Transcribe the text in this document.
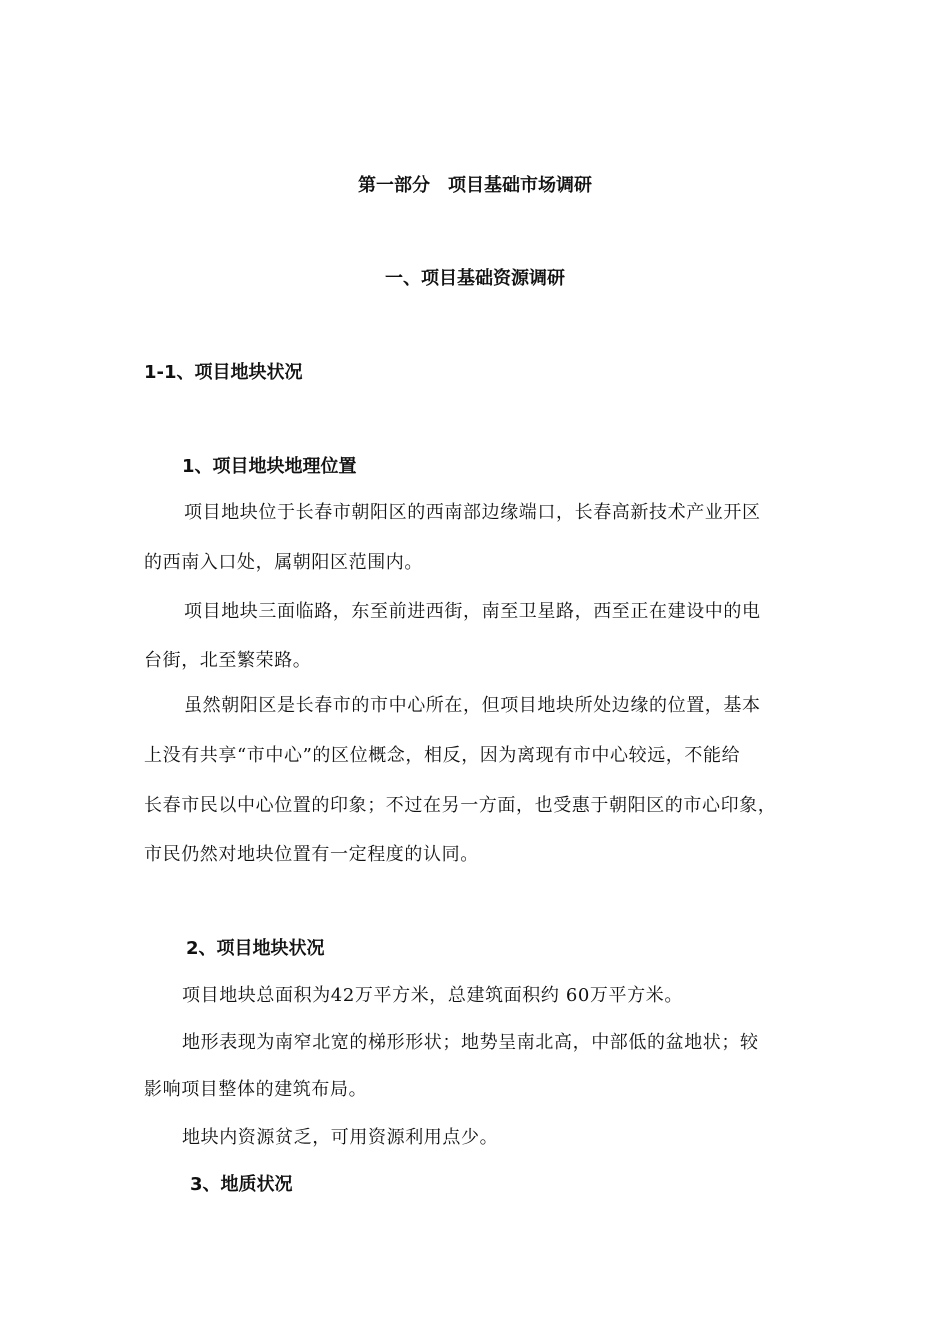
第一部分　项目基础市场调研
一、项目基础资源调研
1-1、项目地块状况
1、项目地块地理位置
项目地块位于长春市朝阳区的西南部边缘端口，长春高新技术产业开区
的西南入口处，属朝阳区范围内。
项目地块三面临路，东至前进西街，南至卫星路，西至正在建设中的电
台街，北至繁荣路。
虽然朝阳区是长春市的市中心所在，但项目地块所处边缘的位置，基本
上没有共享“市中心”的区位概念，相反，因为离现有市中心较远，不能给
长春市民以中心位置的印象；不过在另一方面，也受惠于朝阳区的市心印象，
市民仍然对地块位置有一定程度的认同。
2、项目地块状况
项目地块总面积为42万平方米，总建筑面积约 60万平方米。
地形表现为南窄北宽的梯形形状；地势呈南北高，中部低的盆地状；较
影响项目整体的建筑布局。
地块内资源贫乏，可用资源利用点少。
3、地质状况
